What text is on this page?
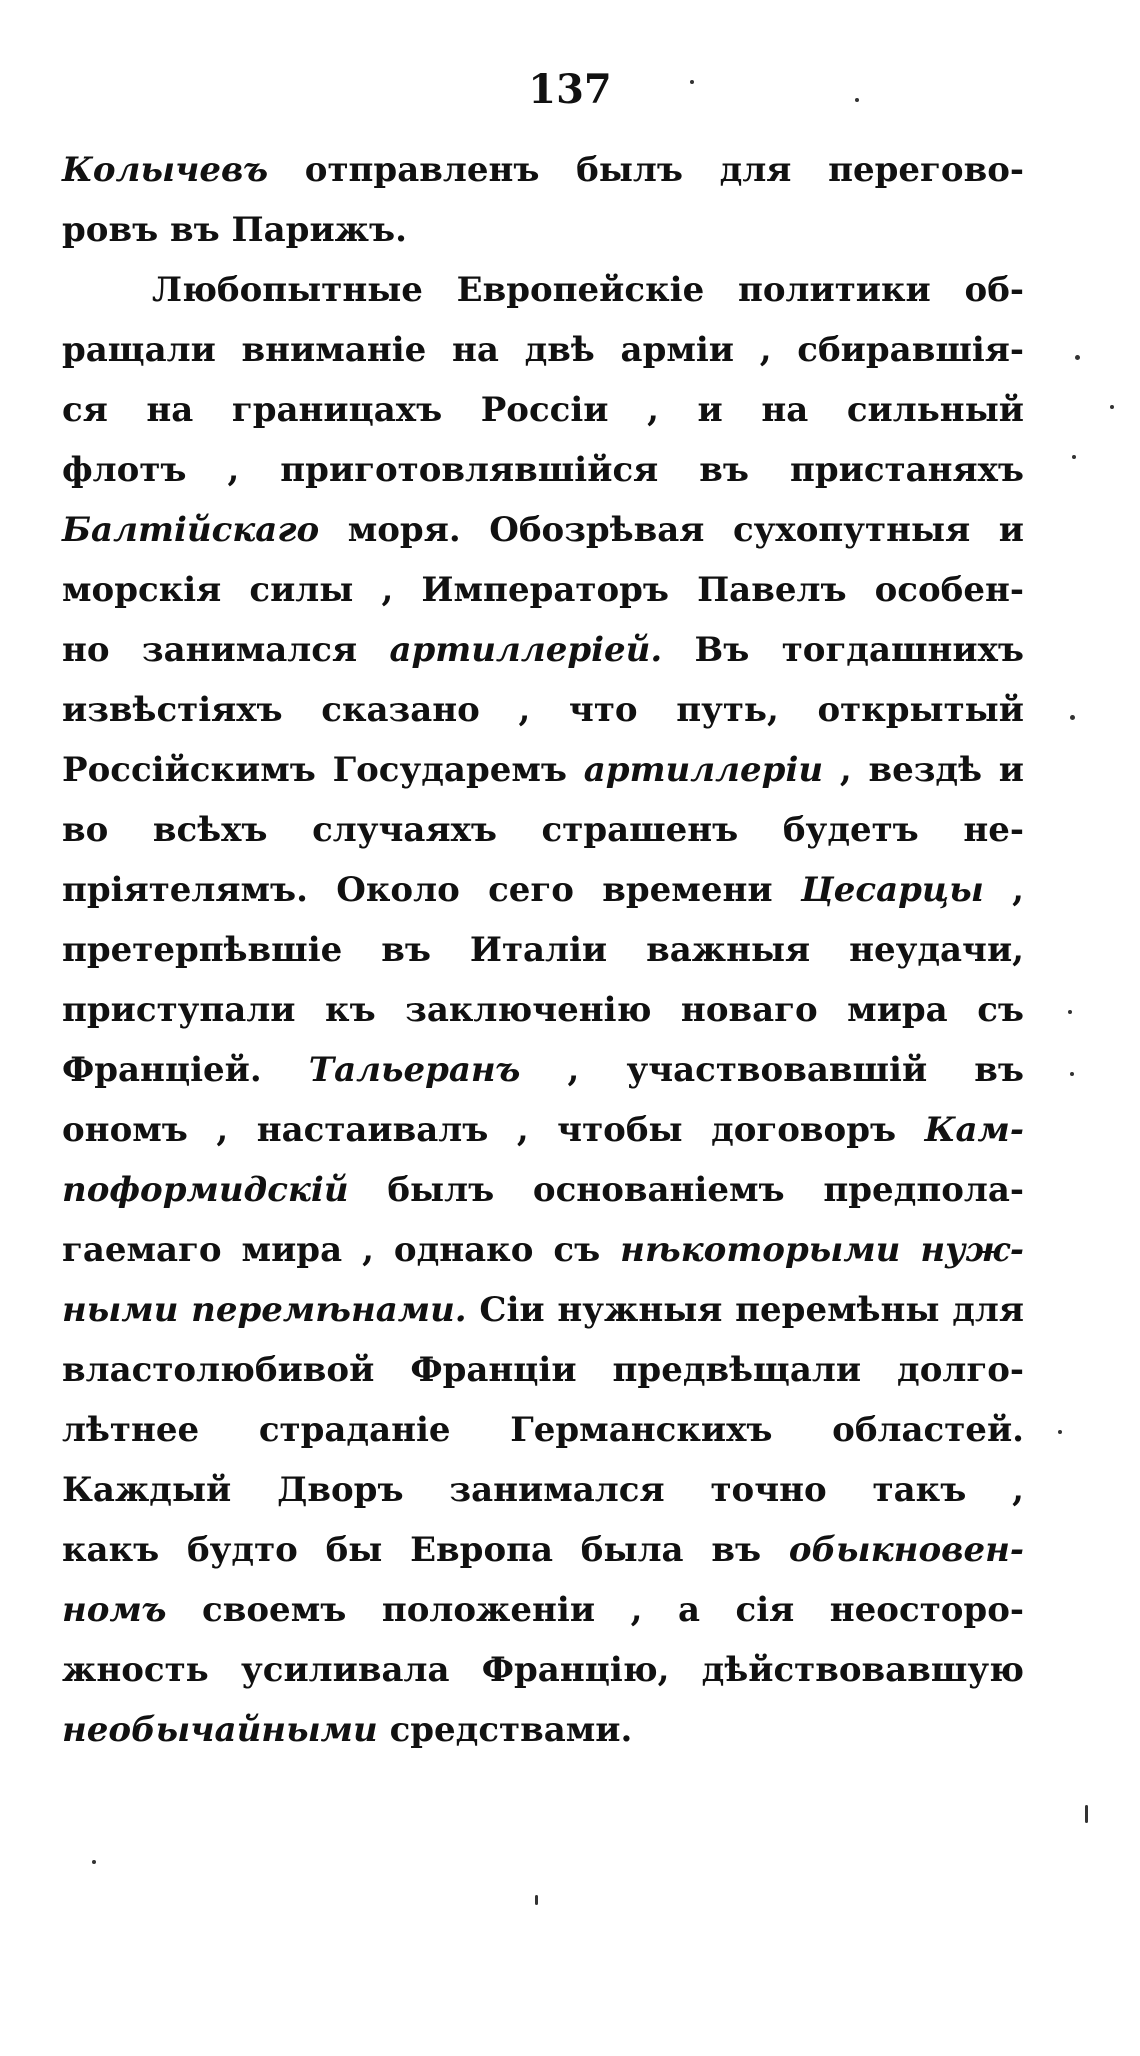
137
Колычевъ отправленъ былъ для перегово-
ровъ въ Парижъ.
Любопытные Европейскіе политики об-
ращали вниманіе на двѣ арміи , сбиравшія-
ся на границахъ Россіи , и на сильный
флотъ , приготовлявшійся въ пристаняхъ
Балтійскаго моря. Обозрѣвая сухопутныя и
морскія силы , Императоръ Павелъ особен-
но занимался артиллеріей. Въ тогдашнихъ
извѣстіяхъ сказано , что путь, открытый
Россійскимъ Государемъ артиллеріи , вездѣ и
во всѣхъ случаяхъ страшенъ будетъ не-
пріятелямъ. Около сего времени Цесарцы ,
претерпѣвшіе въ Италіи важныя неудачи,
приступали къ заключенію новаго мира съ
Франціей. Тальеранъ , участвовавшій въ
ономъ , настаивалъ , чтобы договоръ Кам-
поформидскій былъ основаніемъ предпола-
гаемаго мира , однако съ нѣкоторыми нуж-
ными перемѣнами. Сіи нужныя перемѣны для
властолюбивой Франціи предвѣщали долго-
лѣтнее страданіе Германскихъ областей.
Каждый Дворъ занимался точно такъ ,
какъ будто бы Европа была въ обыкновен-
номъ своемъ положеніи , а сія неосторо-
жность усиливала Францію, дѣйствовавшую
необычайными средствами.
